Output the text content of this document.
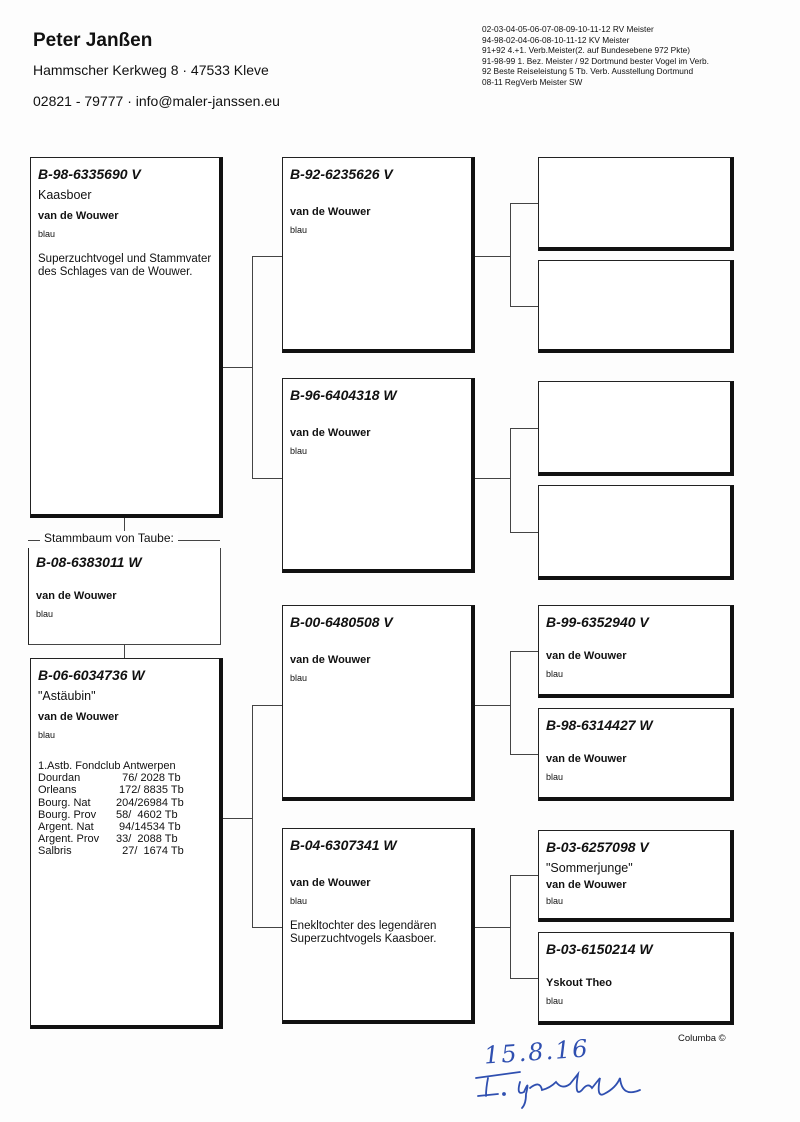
Peter Janßen
Hammscher Kerkweg 8 · 47533 Kleve
02821 - 79777 · info@maler-janssen.eu
02-03-04-05-06-07-08-09-10-11-12 RV Meister
94-98-02-04-06-08-10-11-12 KV Meister
91+92 4.+1. Verb.Meister(2. auf Bundesebene 972 Pkte)
91-98-99 1. Bez. Meister / 92 Dortmund bester Vogel im Verb.
92 Beste Reiseleistung 5 Tb. Verb. Ausstellung Dortmund
08-11 RegVerb Meister SW
B-98-6335690 V
Kaasboer
van de Wouwer
blau
Superzuchtvogel und Stammvater des Schlages van de Wouwer.
Stammbaum von Taube:
B-08-6383011 W
van de Wouwer
blau
B-06-6034736 W
"Astäubin"
van de Wouwer
blau
1.Astb. Fondclub Antwerpen
Dourdan	76/ 2028 Tb
Orleans	172/ 8835 Tb
Bourg. Nat	204/26984 Tb
Bourg. Prov	58/  4602 Tb
Argent. Nat	94/14534 Tb
Argent. Prov	33/  2088 Tb
Salbris	27/  1674 Tb
B-92-6235626 V
van de Wouwer
blau
B-96-6404318 W
van de Wouwer
blau
B-00-6480508 V
van de Wouwer
blau
B-04-6307341 W
van de Wouwer
blau
Enekltochter des legendären Superzuchtvogels Kaasboer.
B-99-6352940 V
van de Wouwer
blau
B-98-6314427 W
van de Wouwer
blau
B-03-6257098 V
"Sommerjunge"
van de Wouwer
blau
B-03-6150214 W
Yskout Theo
blau
Columba ©
15.8.16
